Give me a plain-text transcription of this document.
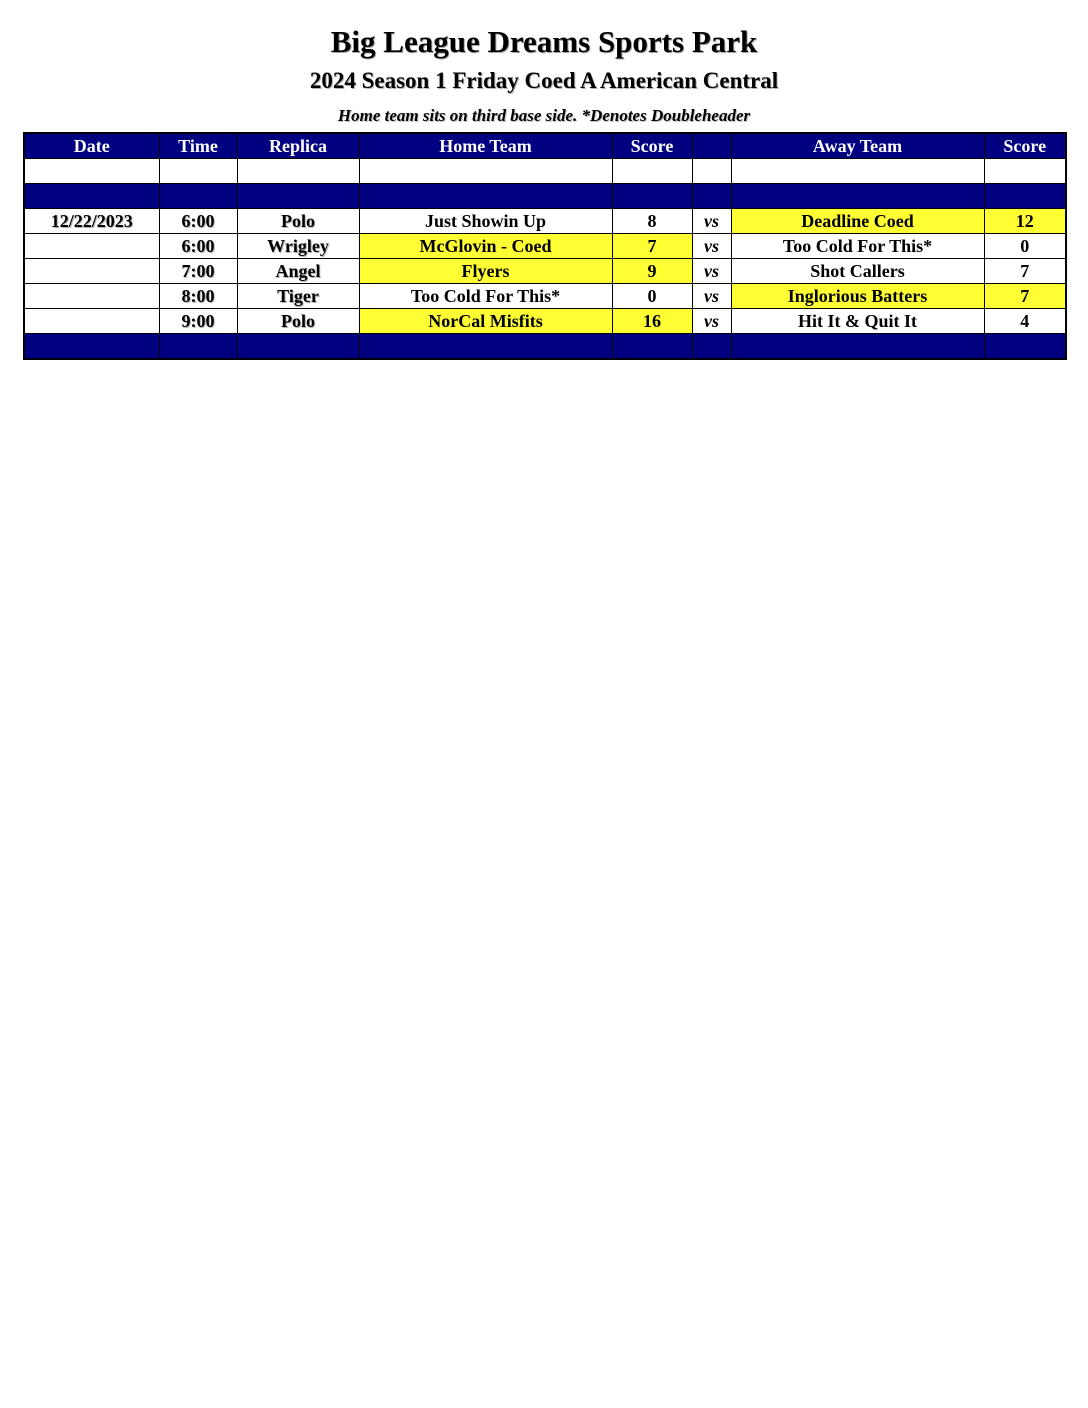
Big League Dreams Sports Park
2024 Season 1 Friday Coed A American Central
Home team sits on third base side. *Denotes Doubleheader
Date	Time	Replica	Home Team	Score		Away Team	Score

12/22/2023	6:00	Polo	Just Showin Up	8	vs	Deadline Coed	12
	6:00	Wrigley	McGlovin - Coed	7	vs	Too Cold For This*	0
	7:00	Angel	Flyers	9	vs	Shot Callers	7
	8:00	Tiger	Too Cold For This*	0	vs	Inglorious Batters	7
	9:00	Polo	NorCal Misfits	16	vs	Hit It & Quit It	4
